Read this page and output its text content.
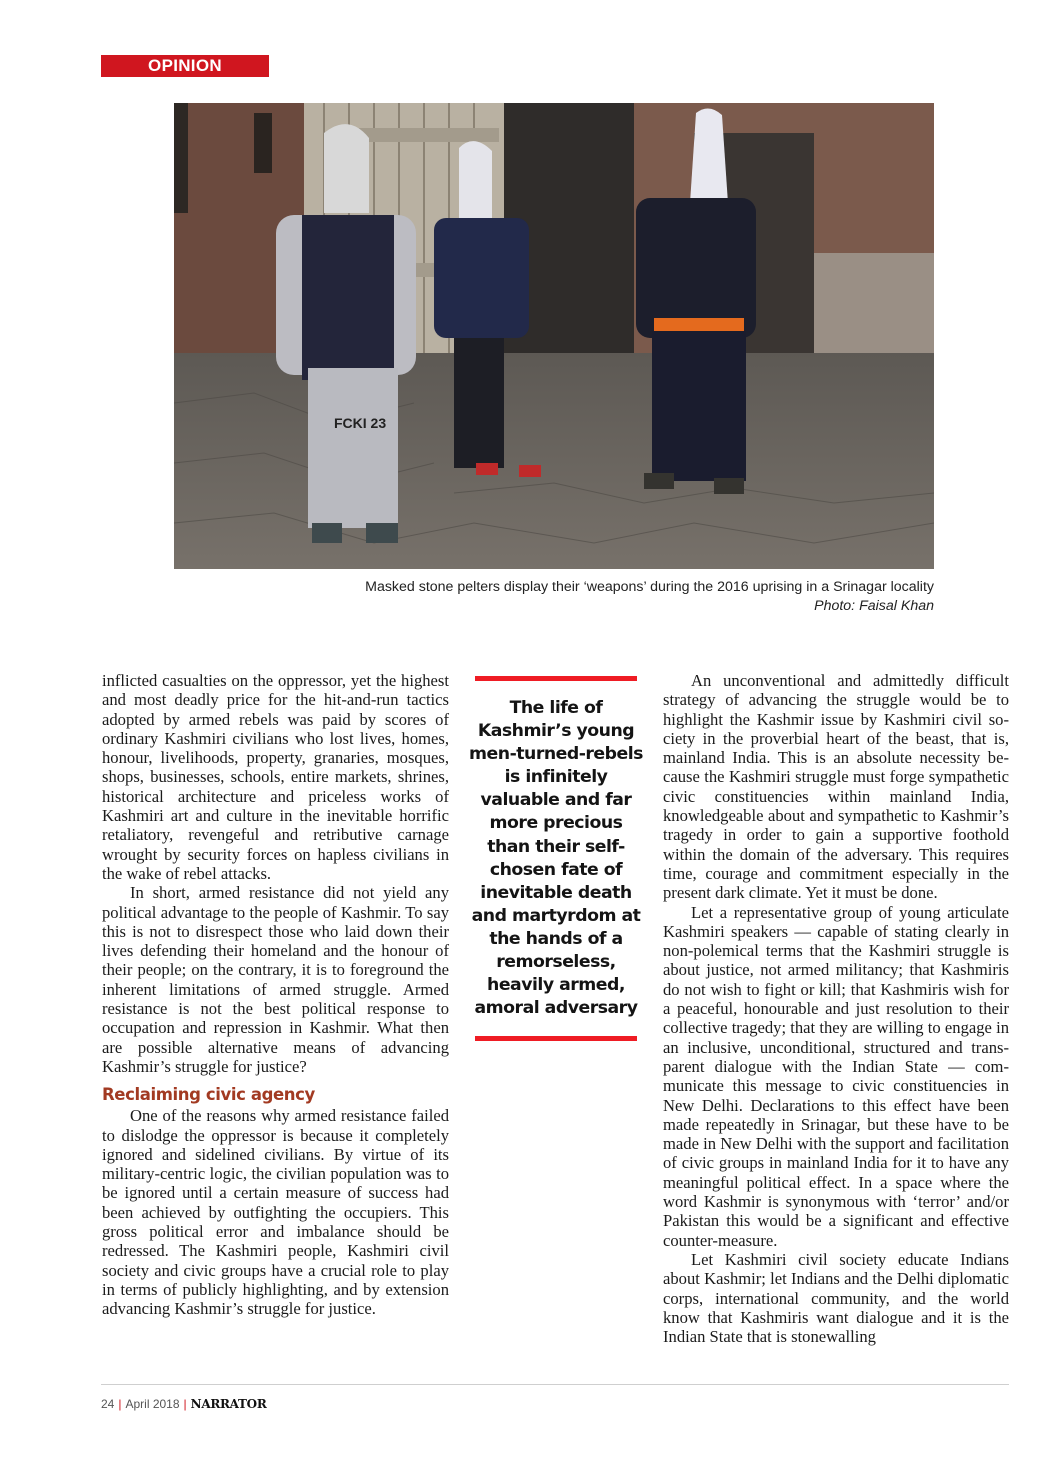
OPINION
FCKI 23
Masked stone pelters display their ‘weapons’ during the 2016 uprising in a Srinagar locality
Photo: Faisal Khan

inflicted casualties on the oppressor, yet the highest and most deadly price for the hit-and-run tactics adopted by armed rebels was paid by scores of ordinary Kashmiri civilians who lost lives, homes, honour, livelihoods, property, granaries, mosques, shops, businesses, schools, entire markets, shrines, historical architecture and priceless works of Kashmiri art and culture in the inevitable horrific retaliatory, revengeful and retributive carnage wrought by security forces on hapless civilians in the wake of rebel attacks.

In short, armed resistance did not yield any political advantage to the people of Kashmir. To say this is not to disrespect those who laid down their lives defending their homeland and the honour of their people; on the contrary, it is to foreground the inherent limitations of armed struggle. Armed resistance is not the best political response to occupation and repression in Kashmir. What then are possible alternative means of advancing Kashmir’s struggle for justice?

Reclaiming civic agency

One of the reasons why armed resistance failed to dislodge the oppressor is because it completely ignored and sidelined civilians. By virtue of its military-centric logic, the civilian population was to be ignored until a certain measure of success had been achieved by outfighting the occupiers. This gross political error and imbalance should be redressed. The Kashmiri people, Kashmiri civil society and civic groups have a crucial role to play in terms of publicly highlighting, and by extension advancing Kashmir’s struggle for justice.

The life of Kashmir’s young men-turned-rebels is infinitely valuable and far more precious than their self-chosen fate of inevitable death and martyrdom at the hands of a remorseless, heavily armed, amoral adversary

An unconventional and admittedly difficult strategy of advancing the struggle would be to highlight the Kashmir issue by Kashmiri civil society in the proverbial heart of the beast, that is, mainland India. This is an absolute necessity because the Kashmiri struggle must forge sympathetic civic constituencies within mainland India, knowledgeable about and sympathetic to Kashmir’s tragedy in order to gain a supportive foothold within the domain of the adversary. This requires time, courage and commitment especially in the present dark climate. Yet it must be done.

Let a representative group of young articulate Kashmiri speakers — capable of stating clearly in non-polemical terms that the Kashmiri struggle is about justice, not armed militancy; that Kashmiris do not wish to fight or kill; that Kashmiris wish for a peaceful, honourable and just resolution to their collective tragedy; that they are willing to engage in an inclusive, unconditional, structured and transparent dialogue with the Indian State — communicate this message to civic constituencies in New Delhi. Declarations to this effect have been made repeatedly in Srinagar, but these have to be made in New Delhi with the support and facilitation of civic groups in mainland India for it to have any meaningful political effect. In a space where the word Kashmir is synonymous with ‘terror’ and/or Pakistan this would be a significant and effective counter-measure.

Let Kashmiri civil society educate Indians about Kashmir; let Indians and the Delhi diplomatic corps, international community, and the world know that Kashmiris want dialogue and it is the Indian State that is stonewalling

24 | April 2018 | NARRATOR
